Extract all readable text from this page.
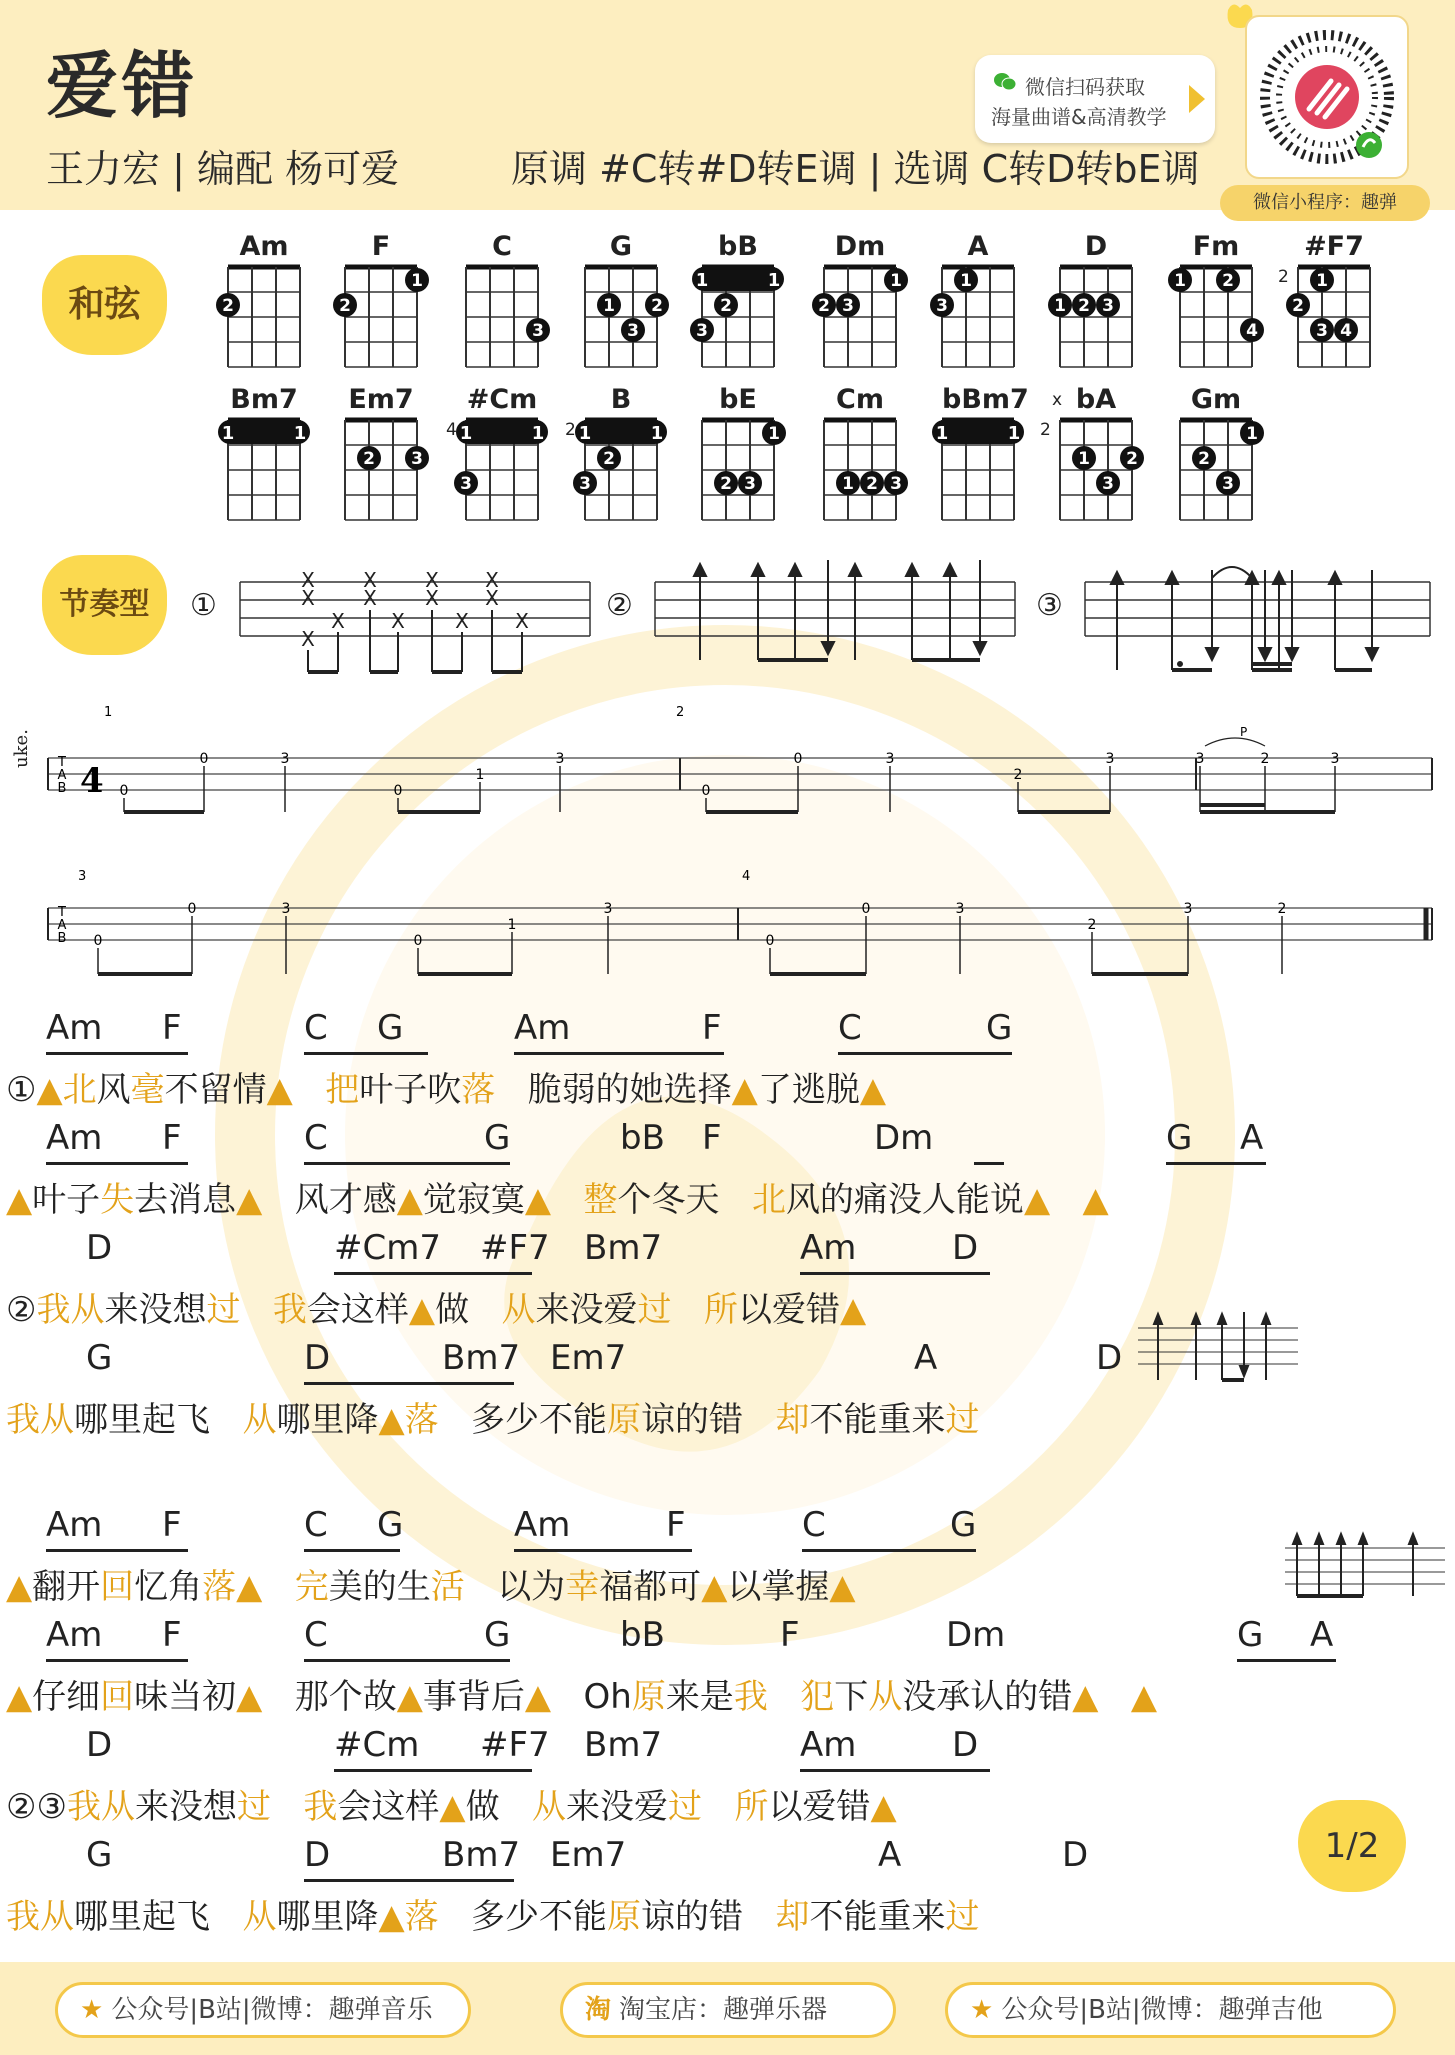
爱错
王力宏 | 编配 杨可爱	原调 #C转#D转E调 | 选调 C转D转bE调
微信扫码获取
海量曲谱&高清教学
微信小程序：趣弹
和弦
Am
2
F
1
2
C
3
G
1 2
3
bB
1	1
2
3
Dm
1
2 3
A
1
3
D
1 2 3
Fm
1 2
4
#F7
1
2
3 4
2
Bm7
1	1
Em7
2 3
#Cm
1	1
3
4
B
1	1
2
3
2
bE
1
2 3
Cm
1 2 3
bBm7
1	1
bA
1 2
3
2
x	Gm
1
2
3
节奏型	①	②	③
X
X
X
X
X
X
X
X
X
X
X
X
X
uke. T
A
B 4
1	2
0
0	3
0
1
3
0
0	3
2
3	3	2	3
P
T
A
B
3	4
0
0	3
0
1
3
0
0	3
2
3	2
Am F	C G	Am	F	C	G
①▲北风毫不留情▲ 把叶子吹落 脆弱的她选择▲了逃脱▲
Am F	C	G	bB F	Dm	G A
▲叶子失去消息▲ 风才感▲觉寂寞▲ 整个冬天 北风的痛没人能说▲ ▲
D	#Cm7 #F7 Bm7	Am	D
②我从来没想过 我会这样▲做 从来没爱过 所以爱错▲
G	D	Bm7 Em7	A	D
我从哪里起飞 从哪里降▲落 多少不能原谅的错 却不能重来过
Am F	C G	Am	F	C	G
▲翻开回忆角落▲ 完美的生活 以为幸福都可▲以掌握▲
Am F	C	G	bB	F	Dm	G A
▲仔细回味当初▲ 那个故▲事背后▲ Oh原来是我 犯下从没承认的错▲ ▲
D	#Cm #F7 Bm7	Am	D
②③我从来没想过 我会这样▲做 从来没爱过 所以爱错▲
G	D	Bm7 Em7	A	D
我从哪里起飞 从哪里降▲落 多少不能原谅的错 却不能重来过
1/2
★ 公众号|B站|微博：趣弹音乐	淘 淘宝店：趣弹乐器	★ 公众号|B站|微博：趣弹吉他
